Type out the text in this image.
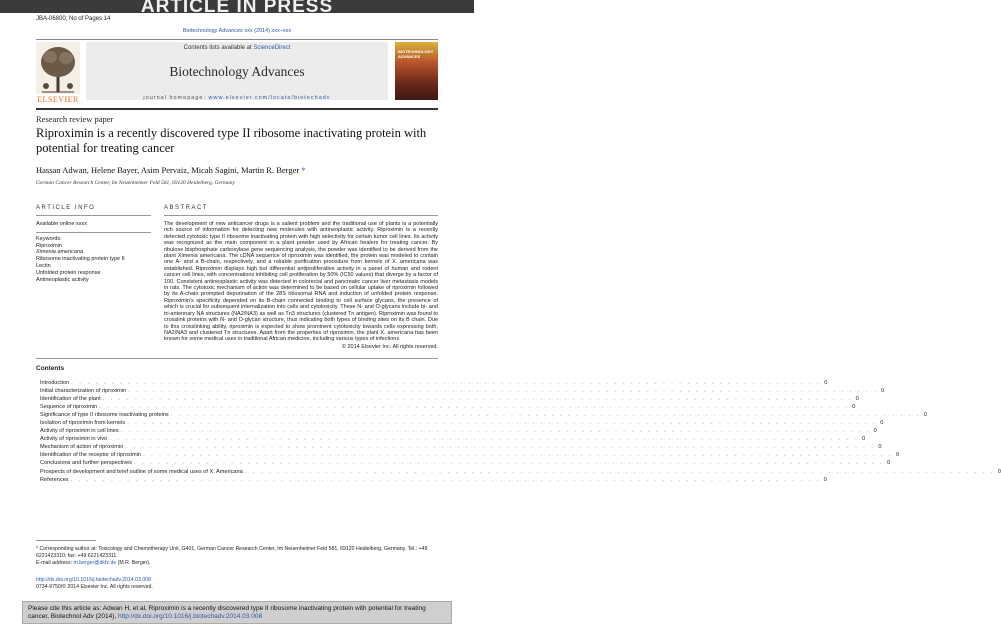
ARTICLE IN PRESS
JBA-06800; No of Pages 14
Biotechnology Advances xxx (2014) xxx–xxx
ELSEVIER
Contents lists available at ScienceDirect
Biotechnology Advances
journal homepage: www.elsevier.com/locate/biotechadv
BIOTECHNOLOGY ADVANCES
Research review paper
Riproximin is a recently discovered type II ribosome inactivating protein with potential for treating cancer
Hassan Adwan, Helene Bayer, Asim Pervaiz, Micah Sagini, Martin R. Berger *
German Cancer Research Center, Im Neuenheimer Feld 581, 69120 Heidelberg, Germany
ARTICLE INFO	ABSTRACT
Available online xxxx
Keywords:
Riproximin
Ximenia americana
Ribosome inactivating protein type II
Lectin
Unfolded protein response
Antineoplastic activity
The development of new anticancer drugs is a salient problem and the traditional use of plants is a potentially rich source of information for detecting new molecules with antineoplastic activity. Riproximin is a recently detected cytotoxic type II ribosome inactivating protein with high selectivity for certain tumor cell lines. Its activity was recognized as the main component in a plant powder used by African healers for treating cancer. By ribulose bisphosphate carboxylase gene sequencing analysis, the powder was identified to be derived from the plant Ximenia americana. The cDNA sequence of riproximin was identified, the protein was modeled to contain one A- and a B-chain, respectively, and a reliable purification procedure from kernels of X. americana was established. Riproximin displays high but differential antiproliferative activity in a panel of human and rodent cancer cell lines, with concentrations inhibiting cell proliferation by 50% (IC50 values) that diverge by a factor of 100. Consistent antineoplastic activity was detected in colorectal and pancreatic cancer liver metastasis models in rats. The cytotoxic mechanism of action was determined to be based on cellular uptake of riproximin followed by its A-chain prompted depurination of the 28S ribosomal RNA and induction of unfolded protein response. Riproximin's specificity depended on its B-chain connected binding to cell surface glycans, the presence of which is crucial for subsequent internalization into cells and cytotoxicity. These N- and O-glycans include bi- and tri-antennary NA structures (NA2/NA3) as well as Tn3 structures (clustered Tn antigen). Riproximin was found to crosslink proteins with N- and O-glycan structure, thus indicating both types of binding sites on its B chain. Due to this crosslinking ability, riproximin is expected to show prominent cytotoxicity towards cells expressing both, NA2/NA3 and clustered Tn structures. Apart from the properties of riproximin, the plant X. americana has been known for some medical uses in traditional African medicine, including various types of infections.
© 2014 Elsevier Inc. All rights reserved.
Contents
Introduction . . . . . . . . . . . . . . . . . . . . . . . . . . . . . . . . . . . . . . . . . . . . . . . . . . . . . . . . . . . . . . . . . . . . . . . . . . . . . . . . . . . . . . . . . . . . . 0
Initial characterization of riproximin . . . . . . . . . . . . . . . . . . . . . . . . . . . . . . . . . . . . . . . . . . . . . . . . . . . . . . . . . . . . . . . . . . . . . . . . . . . . . . . . . . . . . . . . . . . . . 0
Identification of the plant . . . . . . . . . . . . . . . . . . . . . . . . . . . . . . . . . . . . . . . . . . . . . . . . . . . . . . . . . . . . . . . . . . . . . . . . . . . . . . . . . . . . . . . . . . . . . 0
Sequence of riproximin . . . . . . . . . . . . . . . . . . . . . . . . . . . . . . . . . . . . . . . . . . . . . . . . . . . . . . . . . . . . . . . . . . . . . . . . . . . . . . . . . . . . . . . . . . . . . 0
Significance of type II ribosome inactivating proteins . . . . . . . . . . . . . . . . . . . . . . . . . . . . . . . . . . . . . . . . . . . . . . . . . . . . . . . . . . . . . . . . . . . . . . . . . . . . . . . . . . . . . . . . . . . . . 0
Isolation of riproximin from kernels . . . . . . . . . . . . . . . . . . . . . . . . . . . . . . . . . . . . . . . . . . . . . . . . . . . . . . . . . . . . . . . . . . . . . . . . . . . . . . . . . . . . . . . . . . . . . 0
Activity of riproximin in cell lines . . . . . . . . . . . . . . . . . . . . . . . . . . . . . . . . . . . . . . . . . . . . . . . . . . . . . . . . . . . . . . . . . . . . . . . . . . . . . . . . . . . . . . . . . . . . . 0
Activity of riproximin in vivo . . . . . . . . . . . . . . . . . . . . . . . . . . . . . . . . . . . . . . . . . . . . . . . . . . . . . . . . . . . . . . . . . . . . . . . . . . . . . . . . . . . . . . . . . . . . . 0
Mechanism of action of riproximin . . . . . . . . . . . . . . . . . . . . . . . . . . . . . . . . . . . . . . . . . . . . . . . . . . . . . . . . . . . . . . . . . . . . . . . . . . . . . . . . . . . . . . . . . . . . . 0
Identification of the receptor of riproximin . . . . . . . . . . . . . . . . . . . . . . . . . . . . . . . . . . . . . . . . . . . . . . . . . . . . . . . . . . . . . . . . . . . . . . . . . . . . . . . . . . . . . . . . . . . . . 0
Conclusions and further perspectives . . . . . . . . . . . . . . . . . . . . . . . . . . . . . . . . . . . . . . . . . . . . . . . . . . . . . . . . . . . . . . . . . . . . . . . . . . . . . . . . . . . . . . . . . . . . . 0
Prospects of development and brief outline of some medical uses of X. Americana . . . . . . . . . . . . . . . . . . . . . . . . . . . . . . . . . . . . . . . . . . . . . . . . . . . . . . . . . . . . . . . . . . . . . . . . . . . . . . . . . . . . . . . . . . . . . 0
References . . . . . . . . . . . . . . . . . . . . . . . . . . . . . . . . . . . . . . . . . . . . . . . . . . . . . . . . . . . . . . . . . . . . . . . . . . . . . . . . . . . . . . . . . . . . . 0
* Corresponding author at: Toxicology and Chemotherapy Unit, G401, German Cancer Research Center, Im Neuenheimer Feld 581, 69120 Heidelberg, Germany. Tel.: +49 6221423310; fax: +49 6221423311.
E-mail address: m.berger@dkfz.de (M.R. Berger).
http://dx.doi.org/10.1016/j.biotechadv.2014.03.008
0734-9750/© 2014 Elsevier Inc. All rights reserved.
Please cite this article as: Adwan H, et al, Riproximin is a recently discovered type II ribosome inactivating protein with potential for treating cancer, Biotechnol Adv (2014), http://dx.doi.org/10.1016/j.biotechadv.2014.03.008
